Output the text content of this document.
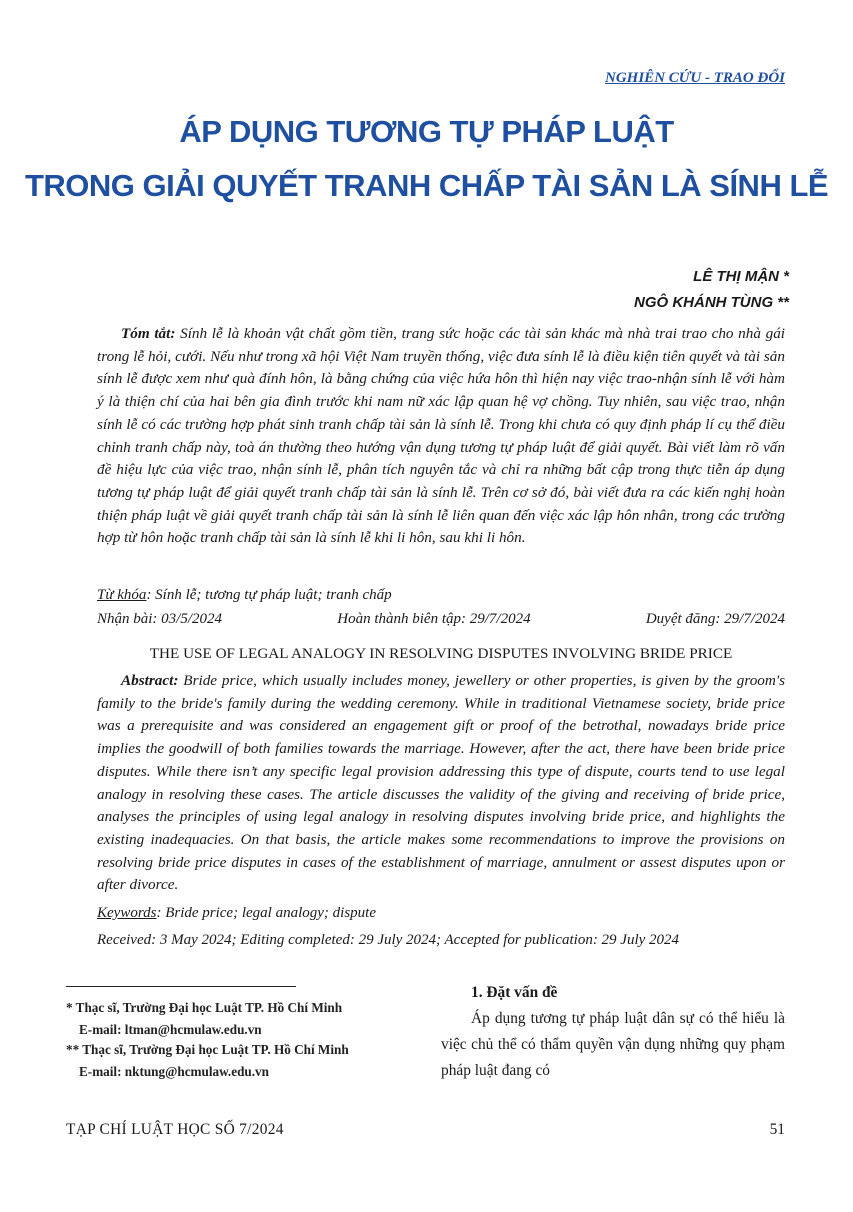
NGHIÊN CỨU - TRAO ĐỔI
ÁP DỤNG TƯƠNG TỰ PHÁP LUẬT
TRONG GIẢI QUYẾT TRANH CHẤP TÀI SẢN LÀ SÍNH LỄ
LÊ THỊ MẬN *
NGÔ KHÁNH TÙNG **
Tóm tắt: Sính lễ là khoản vật chất gồm tiền, trang sức hoặc các tài sản khác mà nhà trai trao cho nhà gái trong lễ hỏi, cưới. Nếu như trong xã hội Việt Nam truyền thống, việc đưa sính lễ là điều kiện tiên quyết và tài sản sính lễ được xem như quà đính hôn, là bằng chứng của việc hứa hôn thì hiện nay việc trao-nhận sính lễ với hàm ý là thiện chí của hai bên gia đình trước khi nam nữ xác lập quan hệ vợ chồng. Tuy nhiên, sau việc trao, nhận sính lễ có các trường hợp phát sinh tranh chấp tài sản là sính lễ. Trong khi chưa có quy định pháp lí cụ thể điều chỉnh tranh chấp này, toà án thường theo hướng vận dụng tương tự pháp luật để giải quyết. Bài viết làm rõ vấn đề hiệu lực của việc trao, nhận sính lễ, phân tích nguyên tắc và chỉ ra những bất cập trong thực tiễn áp dụng tương tự pháp luật để giải quyết tranh chấp tài sản là sính lễ. Trên cơ sở đó, bài viết đưa ra các kiến nghị hoàn thiện pháp luật về giải quyết tranh chấp tài sản là sính lễ liên quan đến việc xác lập hôn nhân, trong các trường hợp từ hôn hoặc tranh chấp tài sản là sính lễ khi li hôn, sau khi li hôn.
Từ khóa: Sính lễ; tương tự pháp luật; tranh chấp
Nhận bài: 03/5/2024	Hoàn thành biên tập: 29/7/2024	Duyệt đăng: 29/7/2024
THE USE OF LEGAL ANALOGY IN RESOLVING DISPUTES INVOLVING BRIDE PRICE
Abstract: Bride price, which usually includes money, jewellery or other properties, is given by the groom's family to the bride's family during the wedding ceremony. While in traditional Vietnamese society, bride price was a prerequisite and was considered an engagement gift or proof of the betrothal, nowadays bride price implies the goodwill of both families towards the marriage. However, after the act, there have been bride price disputes. While there isn’t any specific legal provision addressing this type of dispute, courts tend to use legal analogy in resolving these cases. The article discusses the validity of the giving and receiving of bride price, analyses the principles of using legal analogy in resolving disputes involving bride price, and highlights the existing inadequacies. On that basis, the article makes some recommendations to improve the provisions on resolving bride price disputes in cases of the establishment of marriage, annulment or assest disputes upon or after divorce.
Keywords: Bride price; legal analogy; dispute
Received: 3 May 2024; Editing completed: 29 July 2024; Accepted for publication: 29 July 2024
* Thạc sĩ, Trường Đại học Luật TP. Hồ Chí Minh
E-mail: ltman@hcmulaw.edu.vn
** Thạc sĩ, Trường Đại học Luật TP. Hồ Chí Minh
E-mail: nktung@hcmulaw.edu.vn
1. Đặt vấn đề
Áp dụng tương tự pháp luật dân sự có thể hiểu là việc chủ thể có thẩm quyền vận dụng những quy phạm pháp luật đang có
TẠP CHÍ LUẬT HỌC SỐ 7/2024	51
